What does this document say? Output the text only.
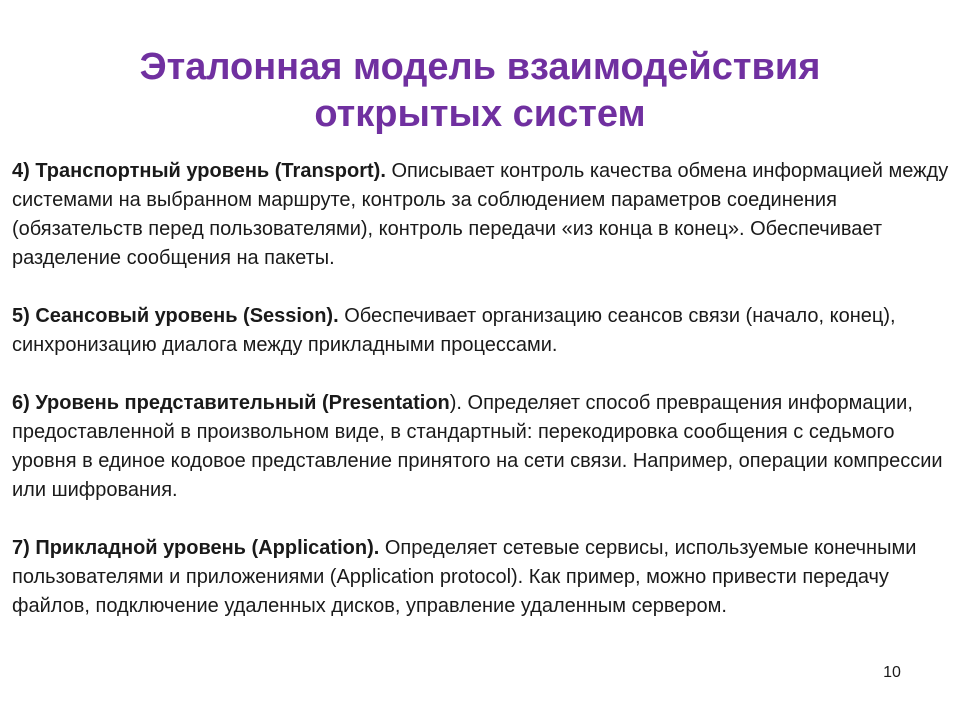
Эталонная модель взаимодействия
открытых систем

4) Транспортный уровень (Transport). Описывает контроль качества обмена информацией между системами на выбранном маршруте, контроль за соблюдением параметров соединения (обязательств перед пользователями), контроль передачи «из конца в конец». Обеспечивает разделение сообщения на пакеты.

5) Сеансовый уровень (Session). Обеспечивает организацию сеансов связи (начало, конец), синхронизацию диалога между прикладными процессами.

6) Уровень представительный (Presentation). Определяет способ превращения информации, предоставленной в произвольном виде, в стандартный: перекодировка сообщения с седьмого уровня в единое кодовое представление принятого на сети связи. Например, операции компрессии или шифрования.

7) Прикладной уровень (Application). Определяет сетевые сервисы, используемые конечными пользователями и приложениями (Application protocol). Как пример, можно привести передачу файлов, подключение удаленных дисков, управление удаленным сервером.

10
